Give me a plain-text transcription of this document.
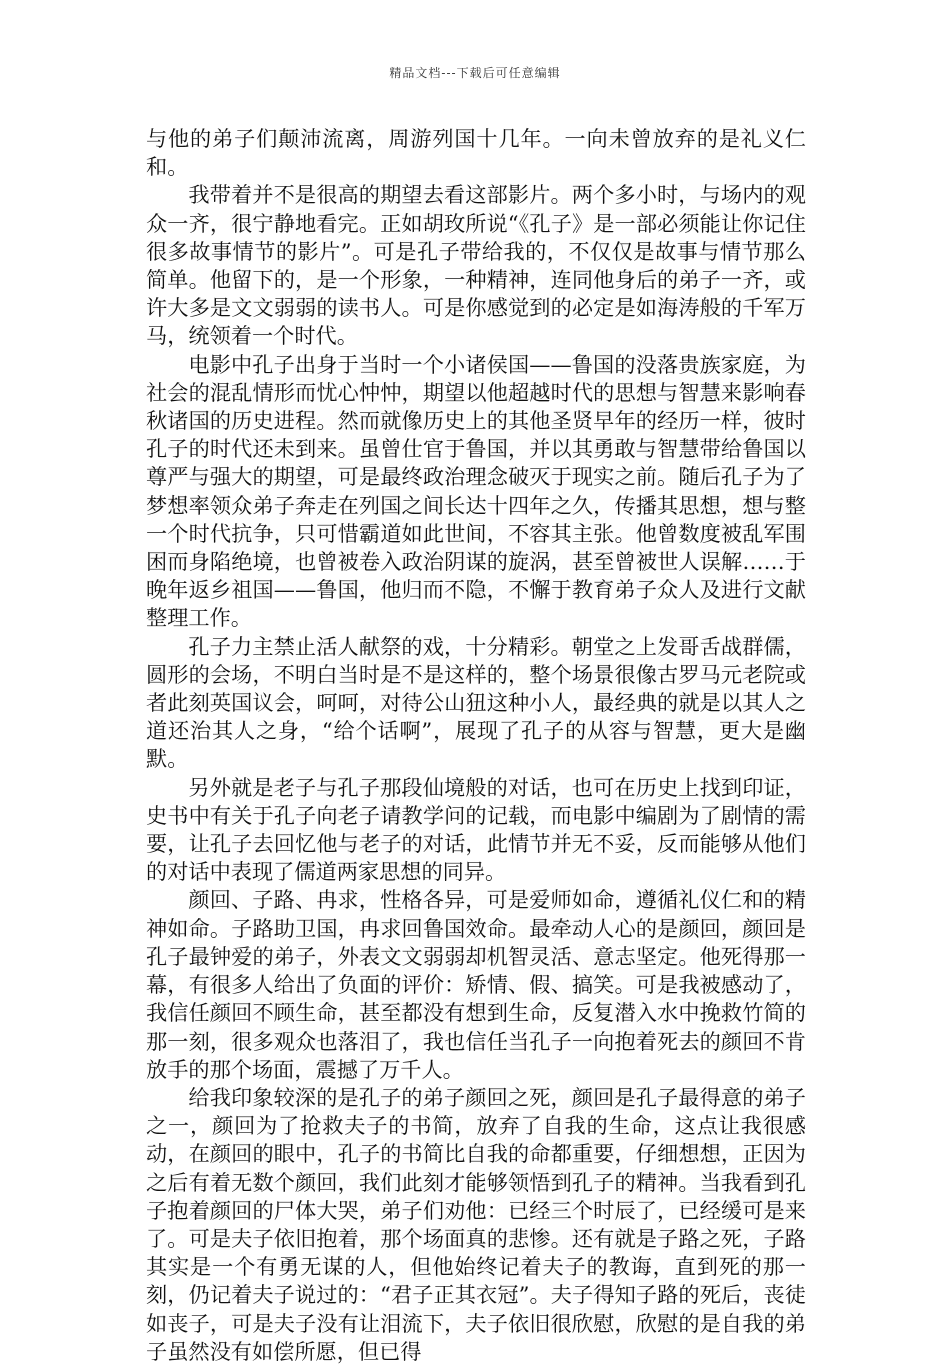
精品文档---下载后可任意编辑

与他的弟子们颠沛流离，周游列国十几年。一向未曾放弃的是礼义仁和。

我带着并不是很高的期望去看这部影片。两个多小时，与场内的观众一齐，很宁静地看完。正如胡玫所说“《孔子》是一部必须能让你记住很多故事情节的影片”。可是孔子带给我的，不仅仅是故事与情节那么简单。他留下的，是一个形象，一种精神，连同他身后的弟子一齐，或许大多是文文弱弱的读书人。可是你感觉到的必定是如海涛般的千军万马，统领着一个时代。

电影中孔子出身于当时一个小诸侯国——鲁国的没落贵族家庭，为社会的混乱情形而忧心忡忡，期望以他超越时代的思想与智慧来影响春秋诸国的历史进程。然而就像历史上的其他圣贤早年的经历一样，彼时孔子的时代还未到来。虽曾仕官于鲁国，并以其勇敢与智慧带给鲁国以尊严与强大的期望，可是最终政治理念破灭于现实之前。随后孔子为了梦想率领众弟子奔走在列国之间长达十四年之久，传播其思想，想与整一个时代抗争，只可惜霸道如此世间，不容其主张。他曾数度被乱军围困而身陷绝境，也曾被卷入政治阴谋的旋涡，甚至曾被世人误解……于晚年返乡祖国——鲁国，他归而不隐，不懈于教育弟子众人及进行文献整理工作。

孔子力主禁止活人献祭的戏，十分精彩。朝堂之上发哥舌战群儒，圆形的会场，不明白当时是不是这样的，整个场景很像古罗马元老院或者此刻英国议会，呵呵，对待公山狃这种小人，最经典的就是以其人之道还治其人之身，“给个话啊”，展现了孔子的从容与智慧，更大是幽默。

另外就是老子与孔子那段仙境般的对话，也可在历史上找到印证，史书中有关于孔子向老子请教学问的记载，而电影中编剧为了剧情的需要，让孔子去回忆他与老子的对话，此情节并无不妥，反而能够从他们的对话中表现了儒道两家思想的同异。

颜回、子路、冉求，性格各异，可是爱师如命，遵循礼仪仁和的精神如命。子路助卫国，冉求回鲁国效命。最牵动人心的是颜回，颜回是孔子最钟爱的弟子，外表文文弱弱却机智灵活、意志坚定。他死得那一幕，有很多人给出了负面的评价：矫情、假、搞笑。可是我被感动了，我信任颜回不顾生命，甚至都没有想到生命，反复潜入水中挽救竹简的那一刻，很多观众也落泪了，我也信任当孔子一向抱着死去的颜回不肯放手的那个场面，震撼了万千人。

给我印象较深的是孔子的弟子颜回之死，颜回是孔子最得意的弟子之一，颜回为了抢救夫子的书简，放弃了自我的生命，这点让我很感动，在颜回的眼中，孔子的书简比自我的命都重要，仔细想想，正因为之后有着无数个颜回，我们此刻才能够领悟到孔子的精神。当我看到孔子抱着颜回的尸体大哭，弟子们劝他：已经三个时辰了，已经缓可是来了。可是夫子依旧抱着，那个场面真的悲惨。还有就是子路之死，子路其实是一个有勇无谋的人，但他始终记着夫子的教诲，直到死的那一刻，仍记着夫子说过的：“君子正其衣冠”。夫子得知子路的死后，丧徒如丧子，可是夫子没有让泪流下，夫子依旧很欣慰，欣慰的是自我的弟子虽然没有如偿所愿，但已得
